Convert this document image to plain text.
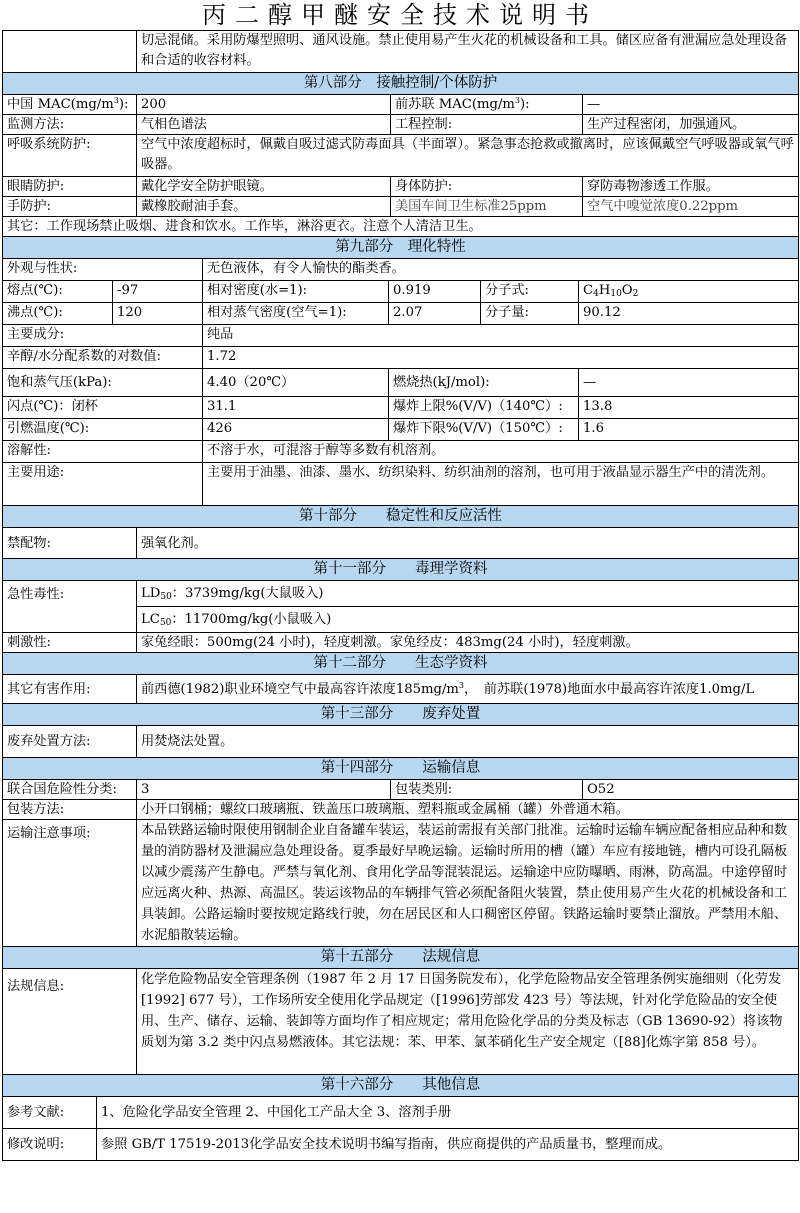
丙二醇甲醚安全技术说明书
	切忌混储。采用防爆型照明、通风设施。禁止使用易产生火花的机械设备和工具。储区应备有泄漏应急处理设备和合适的收容材料。		
第八部分　接触控制/个体防护			
中国 $MAC(mg/m^3)$:	200	前苏联 $MAC(mg/m^3)$:	—
监测方法:	气相色谱法	工程控制:	生产过程密闭，加强通风。
呼吸系统防护:	空气中浓度超标时，佩戴自吸过滤式防毒面具（半面罩）。紧急事态抢救或撤离时，应该佩戴空气呼吸器或氧气呼吸器。		
眼睛防护:	戴化学安全防护眼镜。	身体防护:	穿防毒物渗透工作服。
手防护:	戴橡胶耐油手套。	美国车间卫生标准25ppm	空气中嗅觉浓度0.22ppm
其它：工作现场禁止吸烟、进食和饮水。工作毕，淋浴更衣。注意个人清洁卫生。			
第九部分　理化特性					
外观与性状:		无色液体，有令人愉快的酯类香。			
熔点(℃):	-97	相对密度(水=1):	0.919	分子式:	$C_4H_{10}O_2$
沸点(℃):	120	相对蒸气密度(空气=1):	2.07	分子量:	90.12
主要成分:		纯品			
辛醇/水分配系数的对数值:		1.72			
饱和蒸气压(kPa):		4.40（20℃）	燃烧热(kJ/mol):		—
闪点(℃)：闭杯		31.1	爆炸上限%(V/V)（140℃）:		13.8
引燃温度(℃):		426	爆炸下限%(V/V)（150℃）:		1.6
溶解性:		不溶于水，可混溶于醇等多数有机溶剂。			
主要用途:		主要用于油墨、油漆、墨水、纺织染料、纺织油剂的溶剂，也可用于液晶显示器生产中的清洗剂。			
第十部分　　稳定性和反应活性			
禁配物:	强氧化剂。		
第十一部分　　毒理学资料			
急性毒性:	$LD_{50}$：3739mg/kg(大鼠吸入)		
	$LC_{50}$：11700mg/kg(小鼠吸入)		
刺激性:	家兔经眼：500mg(24 小时)，轻度刺激。家兔经皮：483mg(24 小时)，轻度刺激。		
第十二部分　　生态学资料			
其它有害作用:	前西德(1982)职业环境空气中最高容许浓度$185mg/m^3$，　前苏联(1978)地面水中最高容许浓度1.0mg/L		
第十三部分　　废弃处置			
废弃处置方法:	用焚烧法处置。		
第十四部分　　运输信息			
联合国危险性分类:	3	包装类别:	O52
包装方法:	小开口钢桶；螺纹口玻璃瓶、铁盖压口玻璃瓶、塑料瓶或金属桶（罐）外普通木箱。		
运输注意事项:	本品铁路运输时限使用钢制企业自备罐车装运，装运前需报有关部门批准。运输时运输车辆应配备相应品种和数量的消防器材及泄漏应急处理设备。夏季最好早晚运输。运输时所用的槽（罐）车应有接地链，槽内可设孔隔板以减少震荡产生静电。严禁与氧化剂、食用化学品等混装混运。运输途中应防曝晒、雨淋，防高温。中途停留时应远离火种、热源、高温区。装运该物品的车辆排气管必须配备阻火装置，禁止使用易产生火花的机械设备和工具装卸。公路运输时要按规定路线行驶，勿在居民区和人口稠密区停留。铁路运输时要禁止溜放。严禁用木船、水泥船散装运输。		
第十五部分　　法规信息			
法规信息:	化学危险物品安全管理条例（1987 年 2 月 17 日国务院发布），化学危险物品安全管理条例实施细则（化劳发[1992] 677 号），工作场所安全使用化学品规定（[1996]劳部发 423 号）等法规，针对化学危险品的安全使用、生产、储存、运输、装卸等方面均作了相应规定；常用危险化学品的分类及标志（GB 13690-92）将该物质划为第 3.2 类中闪点易燃液体。其它法规：苯、甲苯、氯苯硝化生产安全规定（[88]化炼字第 858 号）。		
第十六部分　　其他信息	
参考文献:	1、危险化学品安全管理 2、中国化工产品大全 3、溶剂手册
修改说明:	参照 GB/T 17519-2013化学品安全技术说明书编写指南，供应商提供的产品质量书，整理而成。
